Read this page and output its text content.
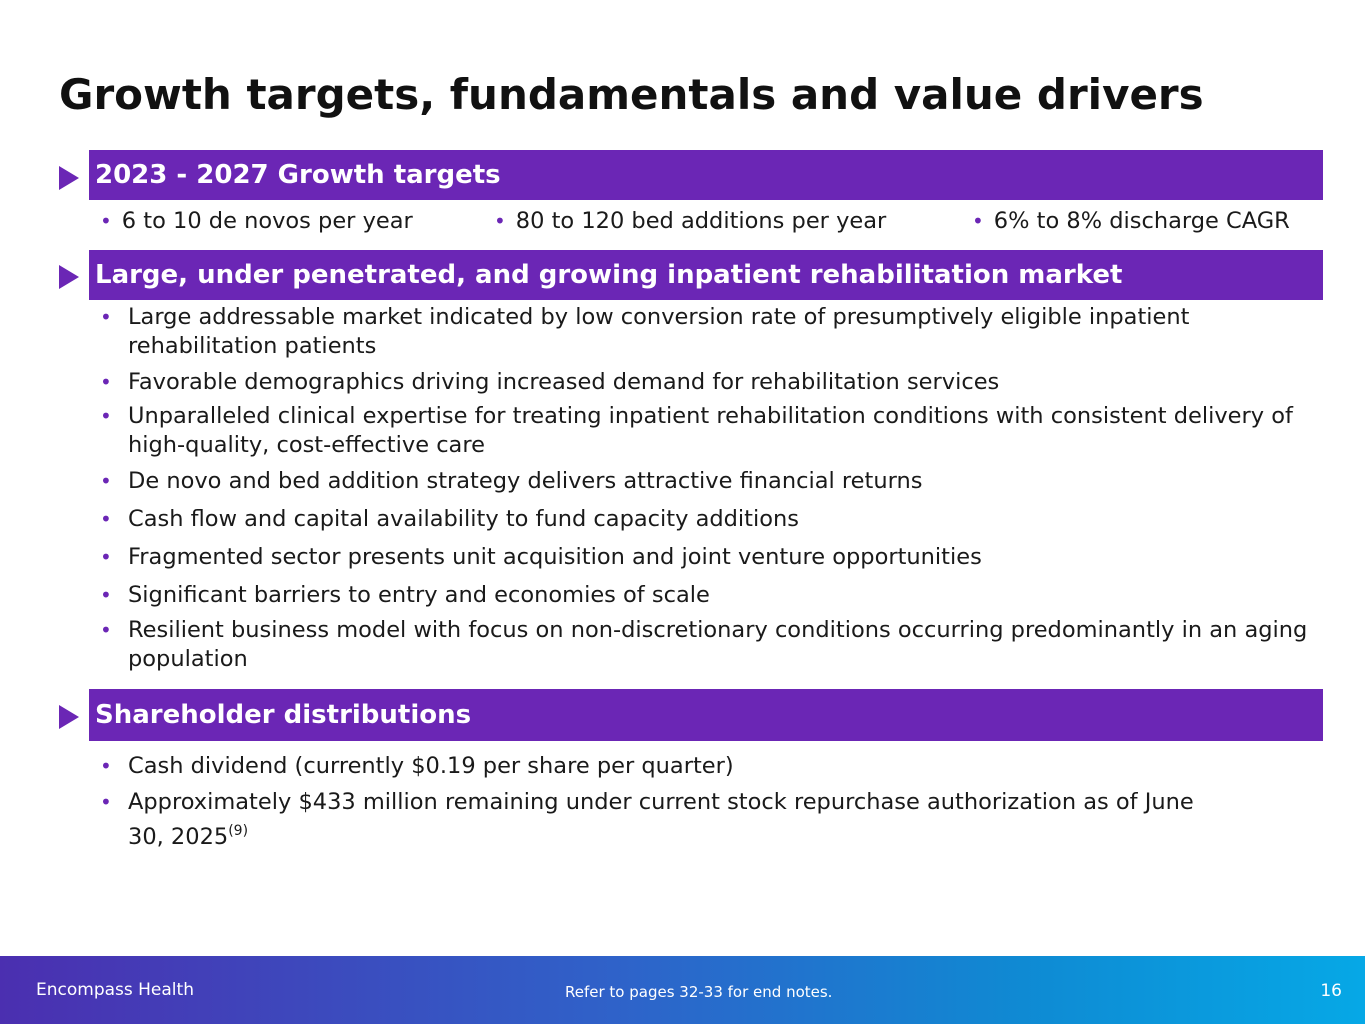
Growth targets, fundamentals and value drivers
2023 - 2027 Growth targets
• 6 to 10 de novos per year	• 80 to 120 bed additions per year	• 6% to 8% discharge CAGR
Large, under penetrated, and growing inpatient rehabilitation market
• Large addressable market indicated by low conversion rate of presumptively eligible inpatient rehabilitation patients
• Favorable demographics driving increased demand for rehabilitation services
• Unparalleled clinical expertise for treating inpatient rehabilitation conditions with consistent delivery of high-quality, cost-effective care
• De novo and bed addition strategy delivers attractive financial returns
• Cash flow and capital availability to fund capacity additions
• Fragmented sector presents unit acquisition and joint venture opportunities
• Significant barriers to entry and economies of scale
• Resilient business model with focus on non-discretionary conditions occurring predominantly in an aging population
Shareholder distributions
• Cash dividend (currently $0.19 per share per quarter)
• Approximately $433 million remaining under current stock repurchase authorization as of June 30, 2025$^{(9)}$
Encompass Health	Refer to pages 32-33 for end notes.	16
